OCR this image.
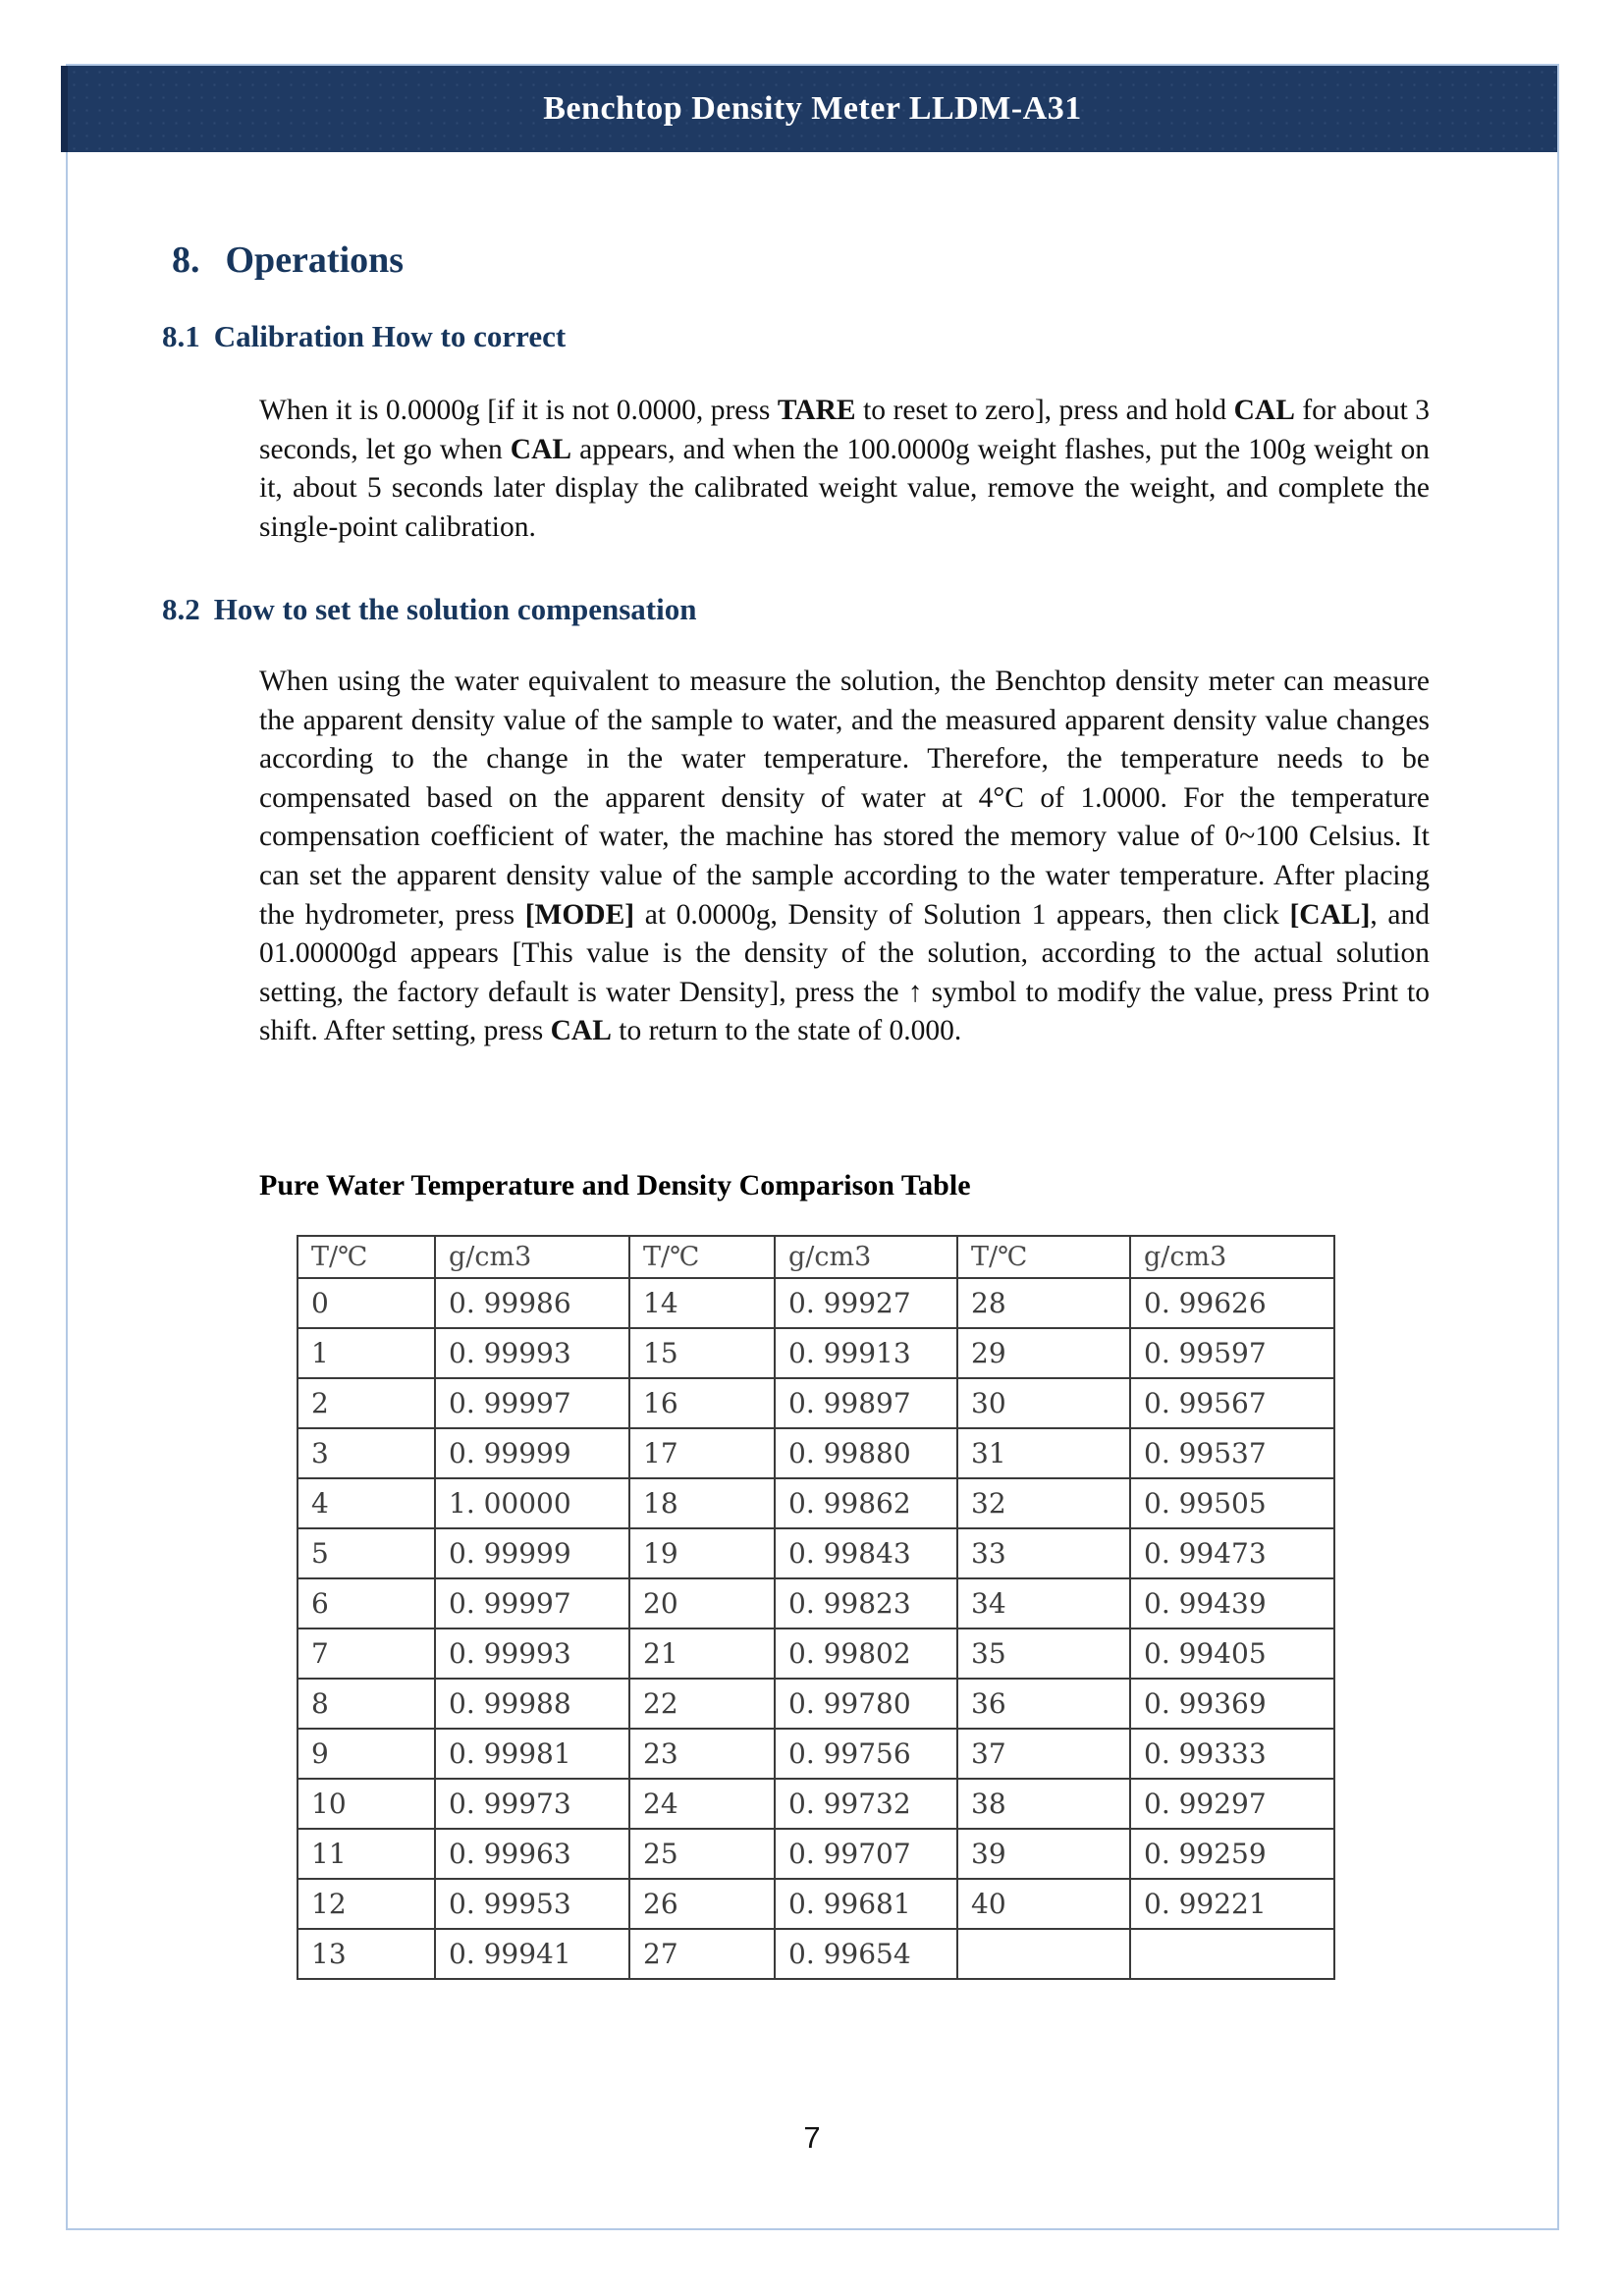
Benchtop Density Meter LLDM-A31
8. Operations
8.1 Calibration How to correct
When it is 0.0000g [if it is not 0.0000, press TARE to reset to zero], press and hold CAL for about 3 seconds, let go when CAL appears, and when the 100.0000g weight flashes, put the 100g weight on it, about 5 seconds later display the calibrated weight value, remove the weight, and complete the single-point calibration.
8.2 How to set the solution compensation
When using the water equivalent to measure the solution, the Benchtop density meter can measure the apparent density value of the sample to water, and the measured apparent density value changes according to the change in the water temperature. Therefore, the temperature needs to be compensated based on the apparent density of water at 4°C of 1.0000. For the temperature compensation coefficient of water, the machine has stored the memory value of 0~100 Celsius. It can set the apparent density value of the sample according to the water temperature. After placing the hydrometer, press [MODE] at 0.0000g, Density of Solution 1 appears, then click [CAL], and 01.00000gd appears [This value is the density of the solution, according to the actual solution setting, the factory default is water Density], press the ↑ symbol to modify the value, press Print to shift. After setting, press CAL to return to the state of 0.000.
Pure Water Temperature and Density Comparison Table
T/℃	g/cm3	T/℃	g/cm3	T/℃	g/cm3
0	0. 99986	14	0. 99927	28	0. 99626
1	0. 99993	15	0. 99913	29	0. 99597
2	0. 99997	16	0. 99897	30	0. 99567
3	0. 99999	17	0. 99880	31	0. 99537
4	1. 00000	18	0. 99862	32	0. 99505
5	0. 99999	19	0. 99843	33	0. 99473
6	0. 99997	20	0. 99823	34	0. 99439
7	0. 99993	21	0. 99802	35	0. 99405
8	0. 99988	22	0. 99780	36	0. 99369
9	0. 99981	23	0. 99756	37	0. 99333
10	0. 99973	24	0. 99732	38	0. 99297
11	0. 99963	25	0. 99707	39	0. 99259
12	0. 99953	26	0. 99681	40	0. 99221
13	0. 99941	27	0. 99654		
7
